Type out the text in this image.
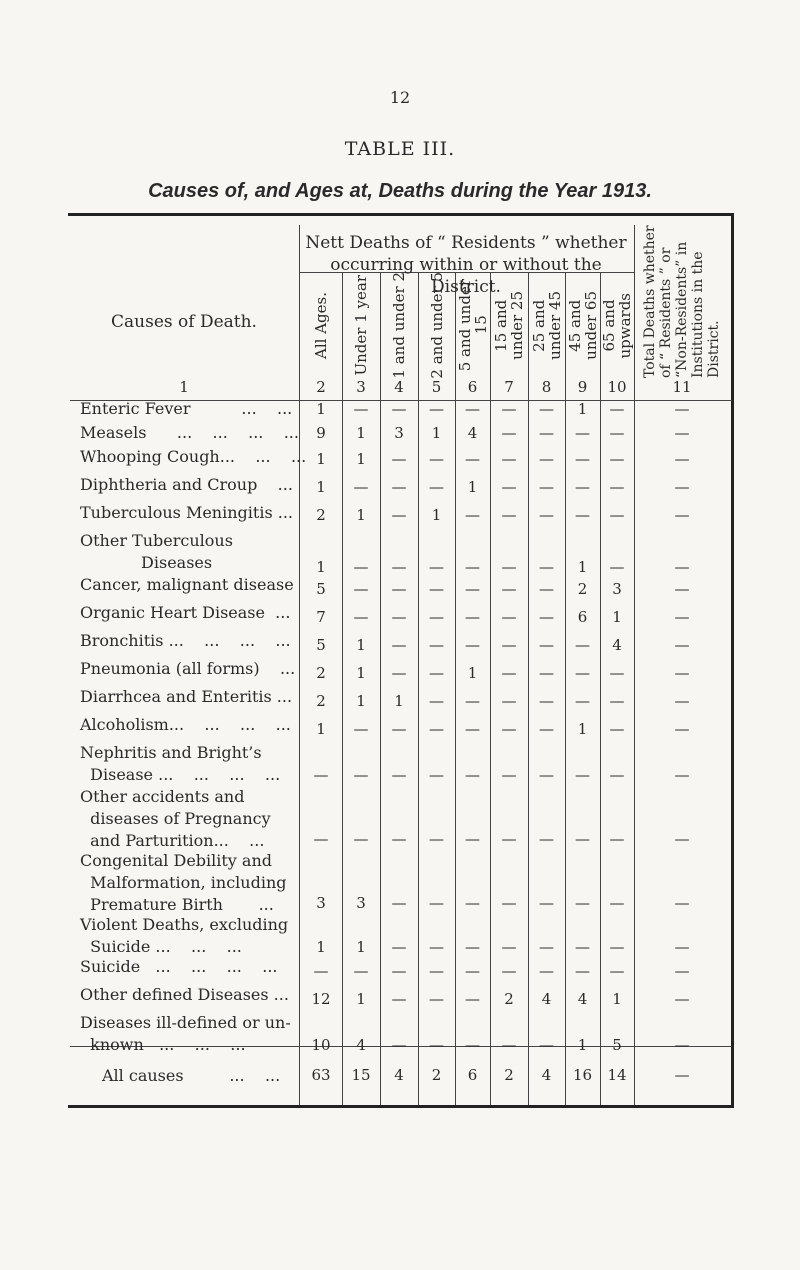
12
TABLE III.
Causes of, and Ages at, Deaths during the Year 1913.
Nett Deaths of “ Residents ” whether occurring within or without the District.
Causes of Death.
1
Total Deaths whether
of “ Residents ” or
“Non-Residents” in
Institutions in the
District.
11
All Ages.
2
Under 1 year
3
1 and under 2
4
2 and under 5
5
5 and under
15
6
15 and
under 25
7
25 and
under 45
8
45 and
under 65
9
65 and
upwards
10
Enteric Fever          ...    ...	1	—	—	—	—	—	—	1	—	—
Measels      ...    ...    ...    ...	9	1	3	1	4	—	—	—	—	—
Whooping Cough...    ...    ... 1	1	—	—	—	—	—	—	—	—
Diphtheria and Croup    ...	1	—	—	—	1	—	—	—	—	—
Tuberculous Meningitis ...	2	1	—	1	—	—	—	—	—	—
Other Tuberculous
Diseases	1	—	—	—	—	—	—	1	—	—
Cancer, malignant disease	5	—	—	—	—	—	—	2	3	—
Organic Heart Disease  ...	7	—	—	—	—	—	—	6	1	—
Bronchitis ...    ...    ...    ...	5	1	—	—	—	—	—	—	4	—
Pneumonia (all forms)    ...	2	1	—	—	1	—	—	—	—	—
Diarrhcea and Enteritis ...	2	1	1	—	—	—	—	—	—	—
Alcoholism...    ...    ...    ...	1	—	—	—	—	—	—	1	—	—
Nephritis and Bright’s
Disease ...    ...    ...    ...	—	—	—	—	—	—	—	—	—	—
Other accidents and
diseases of Pregnancy
and Parturition...    ...	—	—	—	—	—	—	—	—	—	—
Congenital Debility and
Malformation, including
Premature Birth       ...	3	3	—	—	—	—	—	—	—	—
Violent Deaths, excluding
Suicide ...    ...    ...	1	1	—	—	—	—	—	—	—	—
Suicide   ...    ...    ...    ...	—	—	—	—	—	—	—	—	—	—
Other defined Diseases ...	12	1	—	—	—	2	4	4	1	—
Diseases ill-defined or un-
known   ...    ...    ...	10	4	—	—	—	—	—	1	5	—
All causes         ...    ...	63	15	4	2	6	2	4	16	14	—
